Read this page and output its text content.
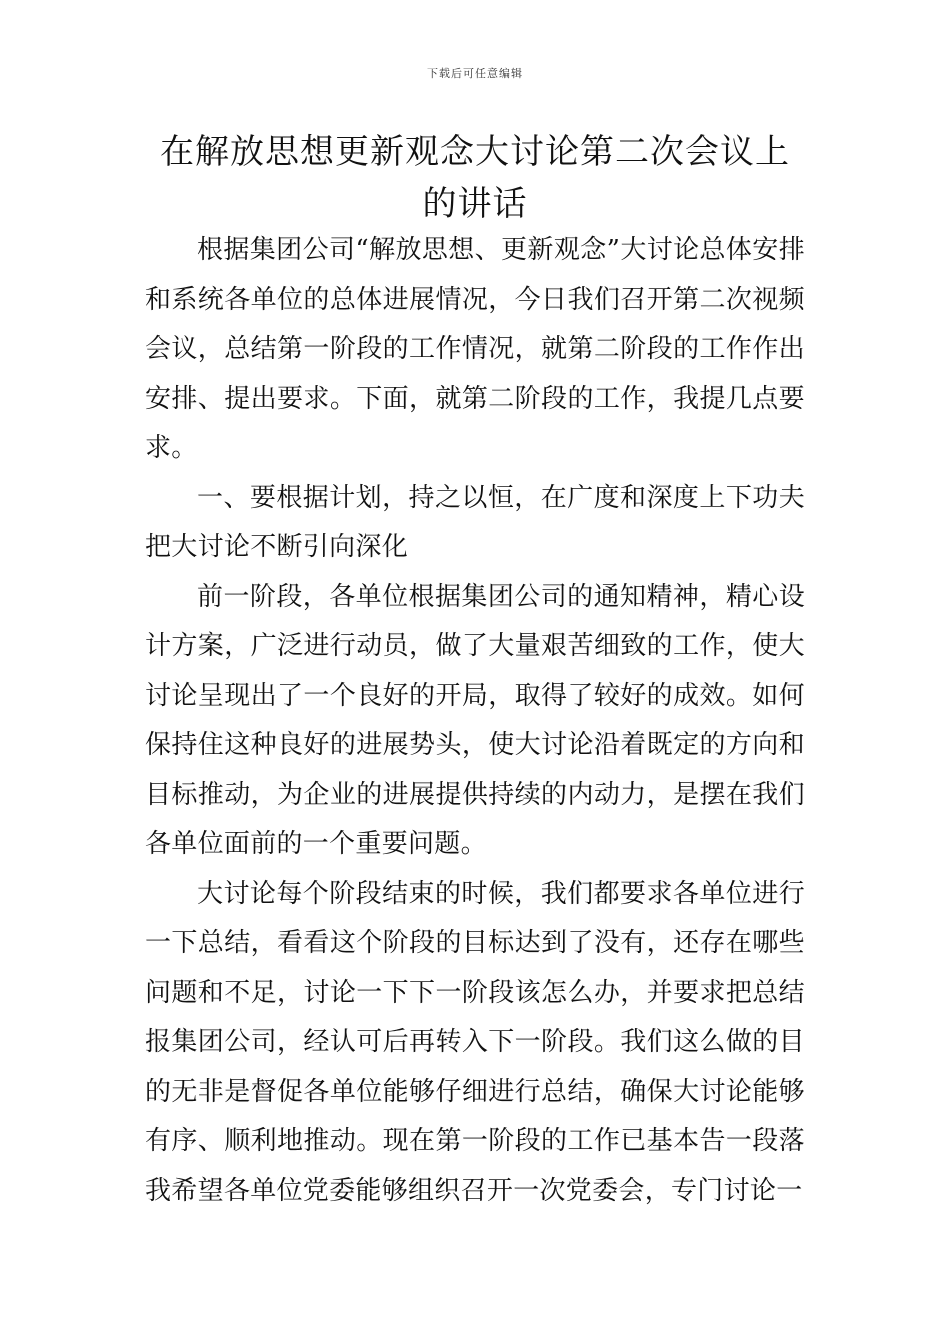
下载后可任意编辑
在解放思想更新观念大讨论第二次会议上的讲话

根据集团公司“解放思想、更新观念”大讨论总体安排和系统各单位的总体进展情况，今日我们召开第二次视频会议，总结第一阶段的工作情况，就第二阶段的工作作出安排、提出要求。下面，就第二阶段的工作，我提几点要求。

一、要根据计划，持之以恒，在广度和深度上下功夫把大讨论不断引向深化

前一阶段，各单位根据集团公司的通知精神，精心设计方案，广泛进行动员，做了大量艰苦细致的工作，使大讨论呈现出了一个良好的开局，取得了较好的成效。如何保持住这种良好的进展势头，使大讨论沿着既定的方向和目标推动，为企业的进展提供持续的内动力，是摆在我们各单位面前的一个重要问题。

大讨论每个阶段结束的时候，我们都要求各单位进行一下总结，看看这个阶段的目标达到了没有，还存在哪些问题和不足，讨论一下下一阶段该怎么办，并要求把总结报集团公司，经认可后再转入下一阶段。我们这么做的目的无非是督促各单位能够仔细进行总结，确保大讨论能够有序、顺利地推动。现在第一阶段的工作已基本告一段落我希望各单位党委能够组织召开一次党委会，专门讨论一
